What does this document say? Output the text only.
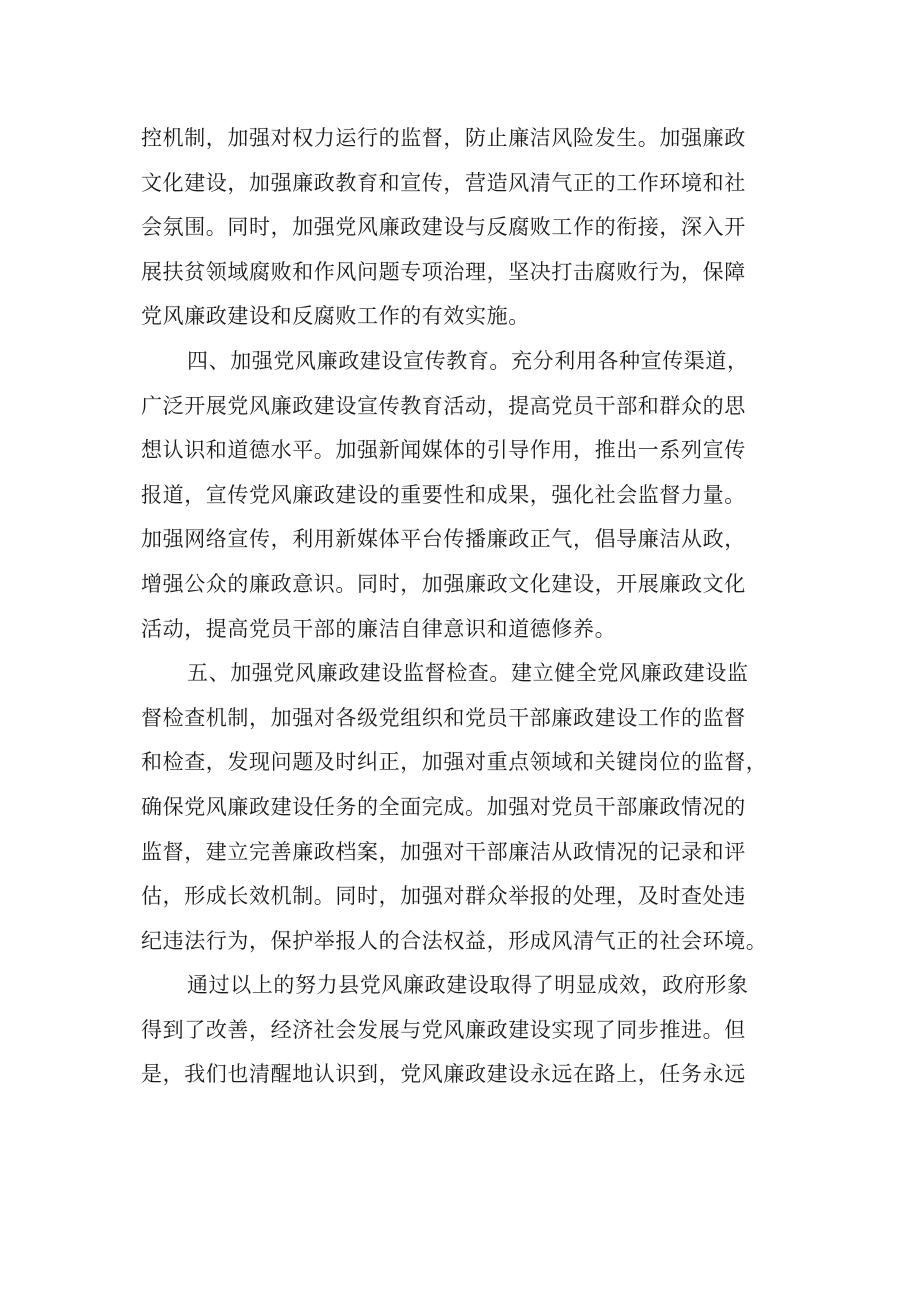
控机制，加强对权力运行的监督，防止廉洁风险发生。加强廉政
文化建设，加强廉政教育和宣传，营造风清气正的工作环境和社
会氛围。同时，加强党风廉政建设与反腐败工作的衔接，深入开
展扶贫领域腐败和作风问题专项治理，坚决打击腐败行为，保障
党风廉政建设和反腐败工作的有效实施。
四、加强党风廉政建设宣传教育。充分利用各种宣传渠道，
广泛开展党风廉政建设宣传教育活动，提高党员干部和群众的思
想认识和道德水平。加强新闻媒体的引导作用，推出一系列宣传
报道，宣传党风廉政建设的重要性和成果，强化社会监督力量。
加强网络宣传，利用新媒体平台传播廉政正气，倡导廉洁从政，
增强公众的廉政意识。同时，加强廉政文化建设，开展廉政文化
活动，提高党员干部的廉洁自律意识和道德修养。
五、加强党风廉政建设监督检查。建立健全党风廉政建设监
督检查机制，加强对各级党组织和党员干部廉政建设工作的监督
和检查，发现问题及时纠正，加强对重点领域和关键岗位的监督，
确保党风廉政建设任务的全面完成。加强对党员干部廉政情况的
监督，建立完善廉政档案，加强对干部廉洁从政情况的记录和评
估，形成长效机制。同时，加强对群众举报的处理，及时查处违
纪违法行为，保护举报人的合法权益，形成风清气正的社会环境。
通过以上的努力县党风廉政建设取得了明显成效，政府形象
得到了改善，经济社会发展与党风廉政建设实现了同步推进。但
是，我们也清醒地认识到，党风廉政建设永远在路上，任务永远
